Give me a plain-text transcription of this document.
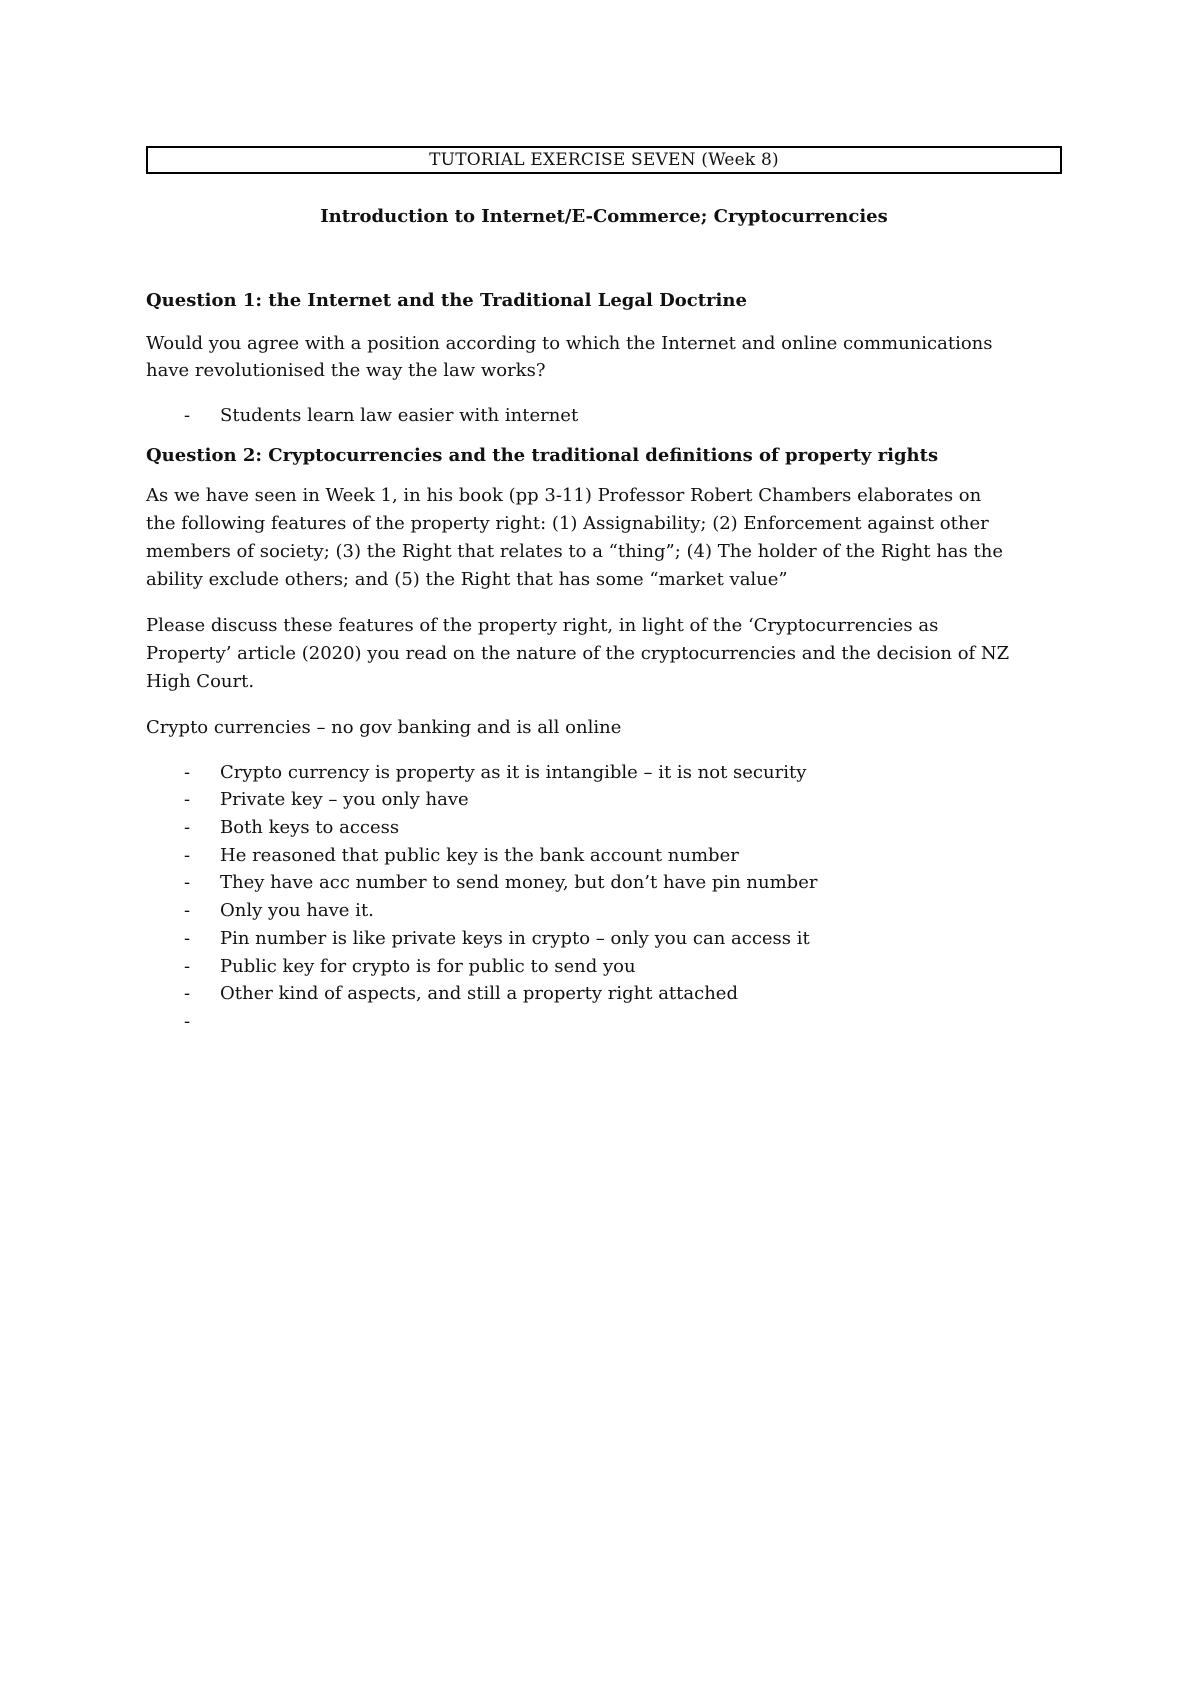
TUTORIAL EXERCISE SEVEN (Week 8)
Introduction to Internet/E-Commerce; Cryptocurrencies
Question 1: the Internet and the Traditional Legal Doctrine

Would you agree with a position according to which the Internet and online communications

have revolutionised the way the law works?

- Students learn law easier with internet
Question 2: Cryptocurrencies and the traditional definitions of property rights

As we have seen in Week 1, in his book (pp 3-11) Professor Robert Chambers elaborates on

the following features of the property right: (1) Assignability; (2) Enforcement against other

members of society; (3) the Right that relates to a “thing”; (4) The holder of the Right has the

ability exclude others; and (5) the Right that has some “market value”

Please discuss these features of the property right, in light of the ‘Cryptocurrencies as

Property’ article (2020) you read on the nature of the cryptocurrencies and the decision of NZ

High Court.

Crypto currencies – no gov banking and is all online

- Crypto currency is property as it is intangible – it is not security
- Private key – you only have
- Both keys to access
- He reasoned that public key is the bank account number
- They have acc number to send money, but don’t have pin number
- Only you have it.
- Pin number is like private keys in crypto – only you can access it
- Public key for crypto is for public to send you
- Other kind of aspects, and still a property right attached
-
